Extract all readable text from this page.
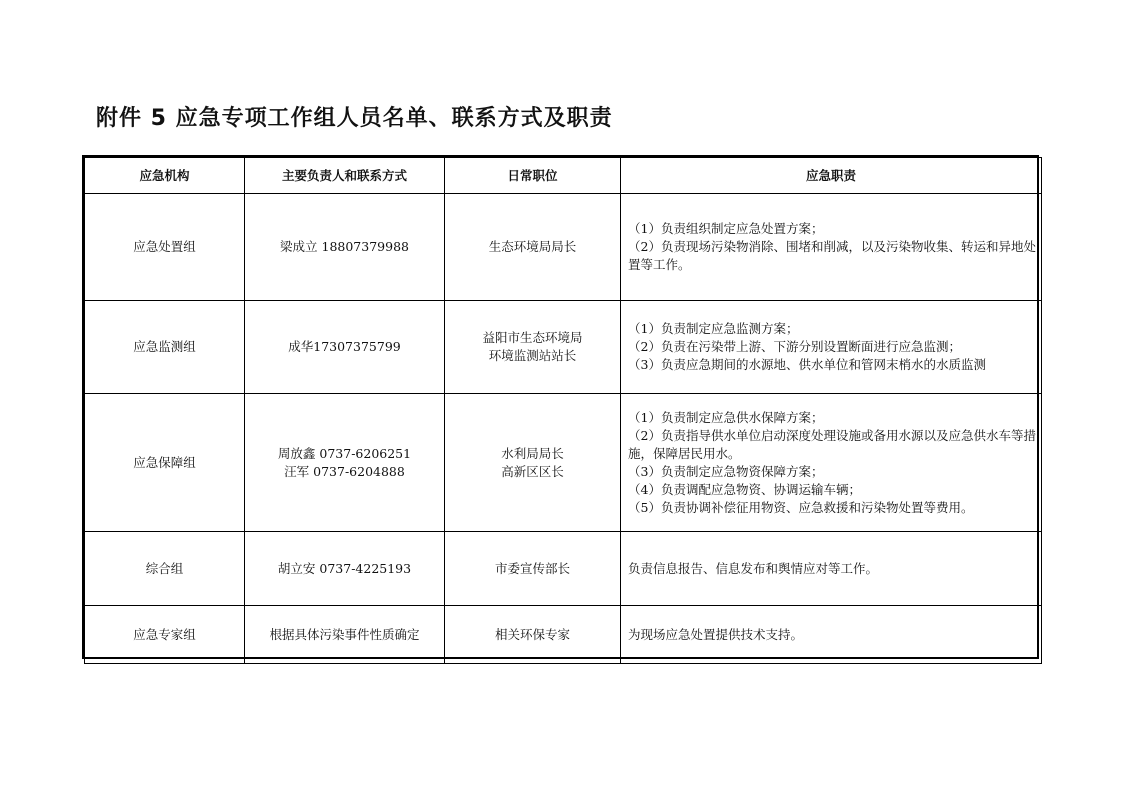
附件 5 应急专项工作组人员名单、联系方式及职责
应急机构	主要负责人和联系方式	日常职位	应急职责
应急处置组	梁成立 18807379988	生态环境局局长	（1）负责组织制定应急处置方案；
（2）负责现场污染物消除、围堵和削减，以及污染物收集、转运和异地处置等工作。

应急监测组	成华17307375799	益阳市生态环境局
环境监测站站长	（1）负责制定应急监测方案；
（2）负责在污染带上游、下游分别设置断面进行应急监测；
（3）负责应急期间的水源地、供水单位和管网末梢水的水质监测

应急保障组	周放鑫 0737-6206251
汪军 0737-6204888	水利局局长
高新区区长	（1）负责制定应急供水保障方案；
（2）负责指导供水单位启动深度处理设施或备用水源以及应急供水车等措施，保障居民用水。
（3）负责制定应急物资保障方案；
（4）负责调配应急物资、协调运输车辆；
（5）负责协调补偿征用物资、应急救援和污染物处置等费用。

综合组	胡立安 0737-4225193	市委宣传部长	负责信息报告、信息发布和舆情应对等工作。

应急专家组	根据具体污染事件性质确定	相关环保专家	为现场应急处置提供技术支持。
